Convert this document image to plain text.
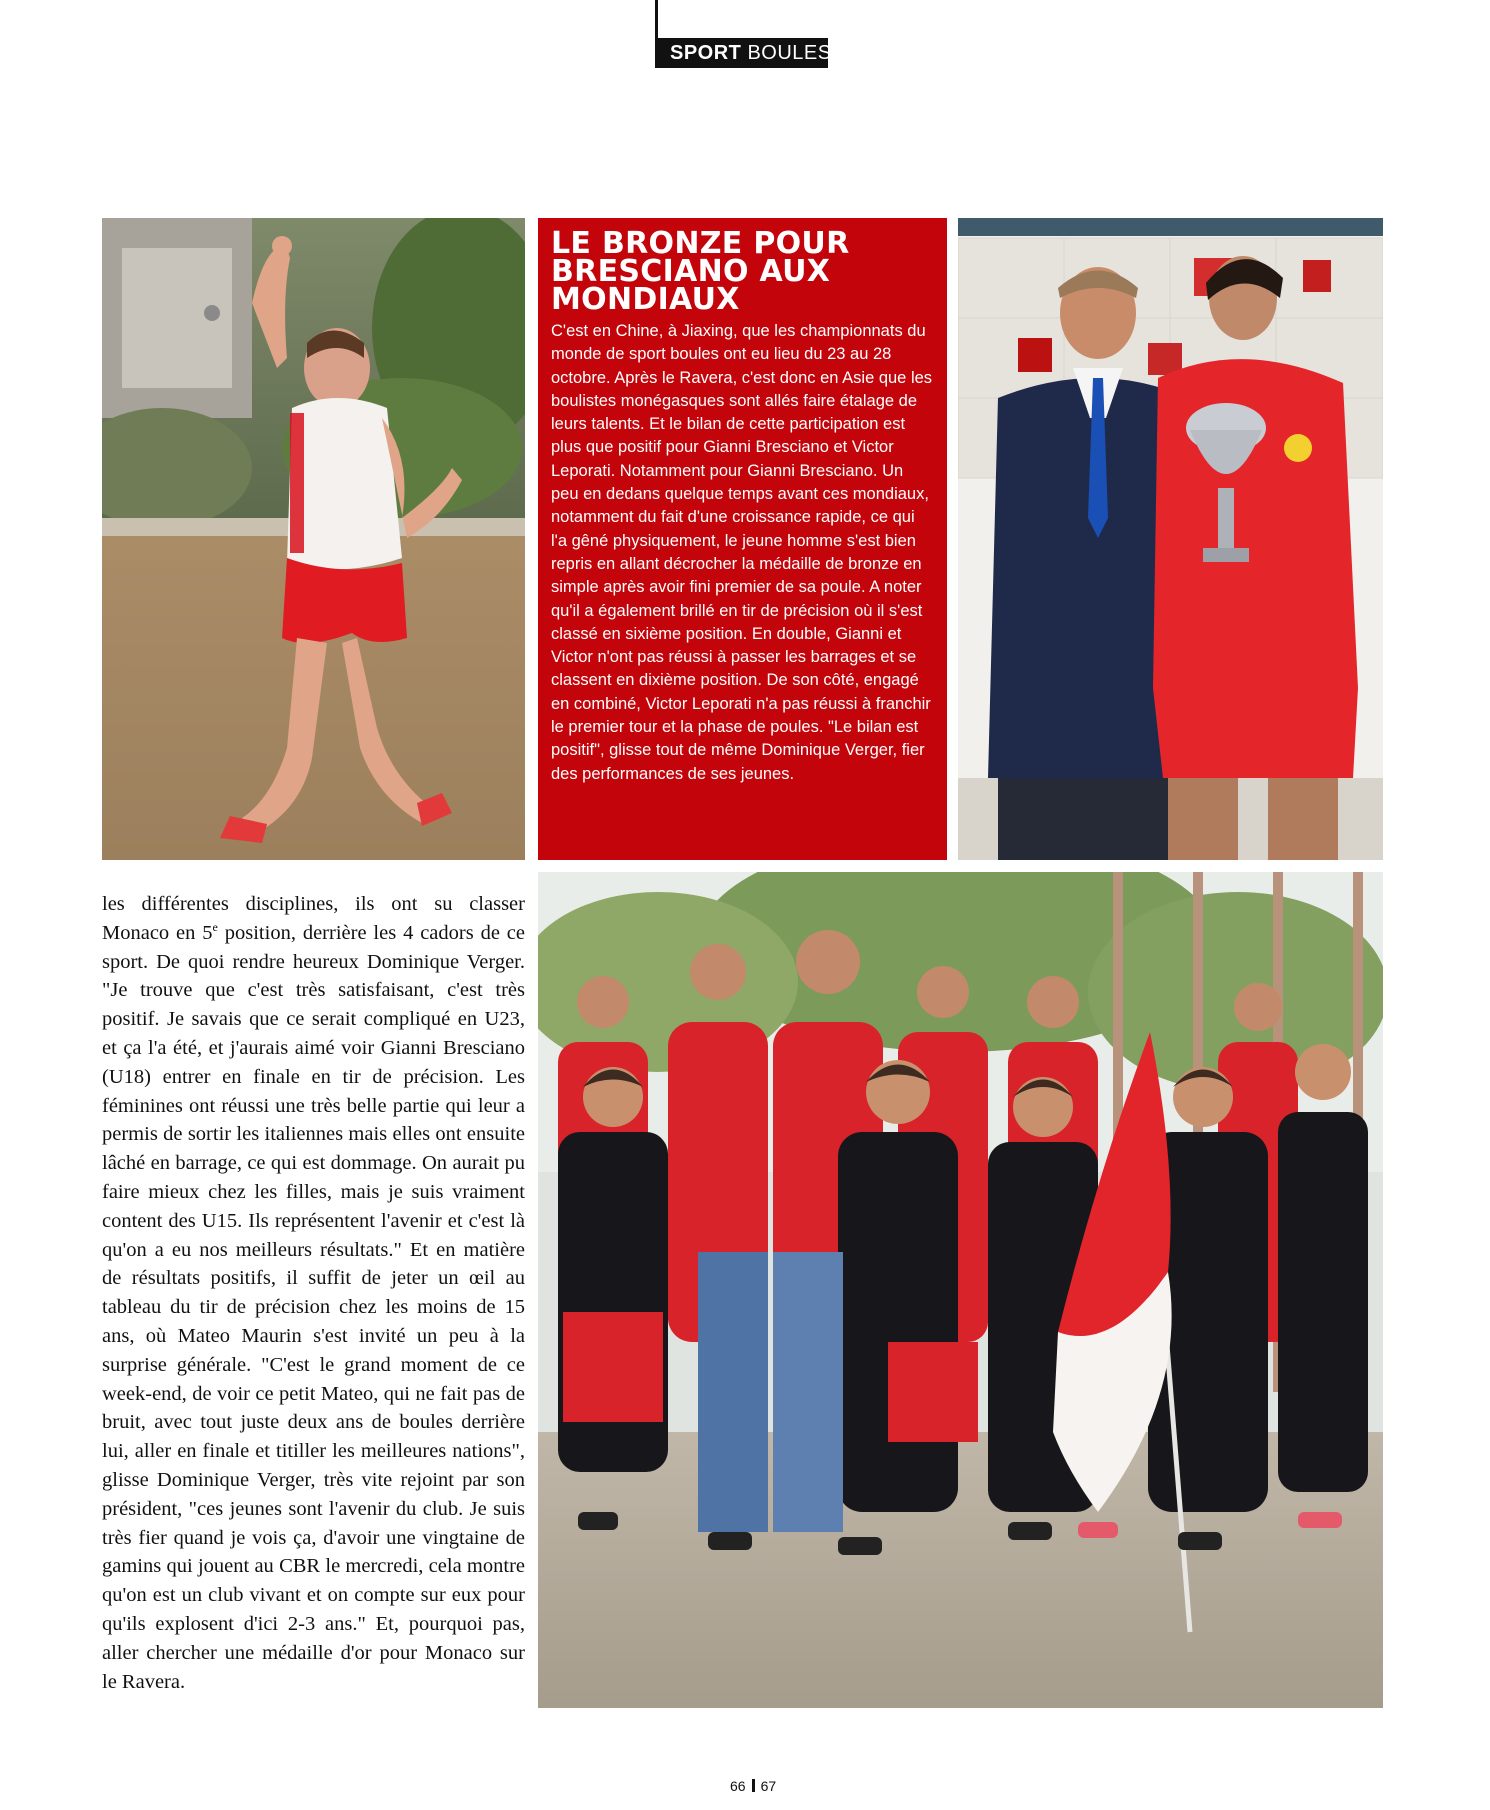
SPORT BOULES
LE BRONZE POUR BRESCIANO AUX MONDIAUX

C'est en Chine, à Jiaxing, que les championnats du monde de sport boules ont eu lieu du 23 au 28 octobre. Après le Ravera, c'est donc en Asie que les boulistes monégasques sont allés faire étalage de leurs talents. Et le bilan de cette participation est plus que positif pour Gianni Bresciano et Victor Leporati. Notamment pour Gianni Bresciano. Un peu en dedans quelque temps avant ces mondiaux, notamment du fait d'une croissance rapide, ce qui l'a gêné physiquement, le jeune homme s'est bien repris en allant décrocher la médaille de bronze en simple après avoir fini premier de sa poule. A noter qu'il a également brillé en tir de précision où il s'est classé en sixième position. En double, Gianni et Victor n'ont pas réussi à passer les barrages et se classent en dixième position. De son côté, engagé en combiné, Victor Leporati n'a pas réussi à franchir le premier tour et la phase de poules. "Le bilan est positif", glisse tout de même Dominique Verger, fier des performances de ses jeunes.

les différentes disciplines, ils ont su classer Monaco en 5e position, derrière les 4 cadors de ce sport. De quoi rendre heureux Dominique Verger. "Je trouve que c'est très satisfaisant, c'est très positif. Je savais que ce serait compliqué en U23, et ça l'a été, et j'aurais aimé voir Gianni Bresciano (U18) entrer en finale en tir de précision. Les féminines ont réussi une très belle partie qui leur a permis de sortir les italiennes mais elles ont ensuite lâché en barrage, ce qui est dommage. On aurait pu faire mieux chez les filles, mais je suis vraiment content des U15. Ils représentent l'avenir et c'est là qu'on a eu nos meilleurs résultats." Et en matière de résultats positifs, il suffit de jeter un œil au tableau du tir de précision chez les moins de 15 ans, où Mateo Maurin s'est invité un peu à la surprise générale. "C'est le grand moment de ce week-end, de voir ce petit Mateo, qui ne fait pas de bruit, avec tout juste deux ans de boules derrière lui, aller en finale et titiller les meilleures nations", glisse Dominique Verger, très vite rejoint par son président, "ces jeunes sont l'avenir du club. Je suis très fier quand je vois ça, d'avoir une vingtaine de gamins qui jouent au CBR le mercredi, cela montre qu'on est un club vivant et on compte sur eux pour qu'ils explosent d'ici 2-3 ans." Et, pourquoi pas, aller chercher une médaille d'or pour Monaco sur le Ravera.

66 67
